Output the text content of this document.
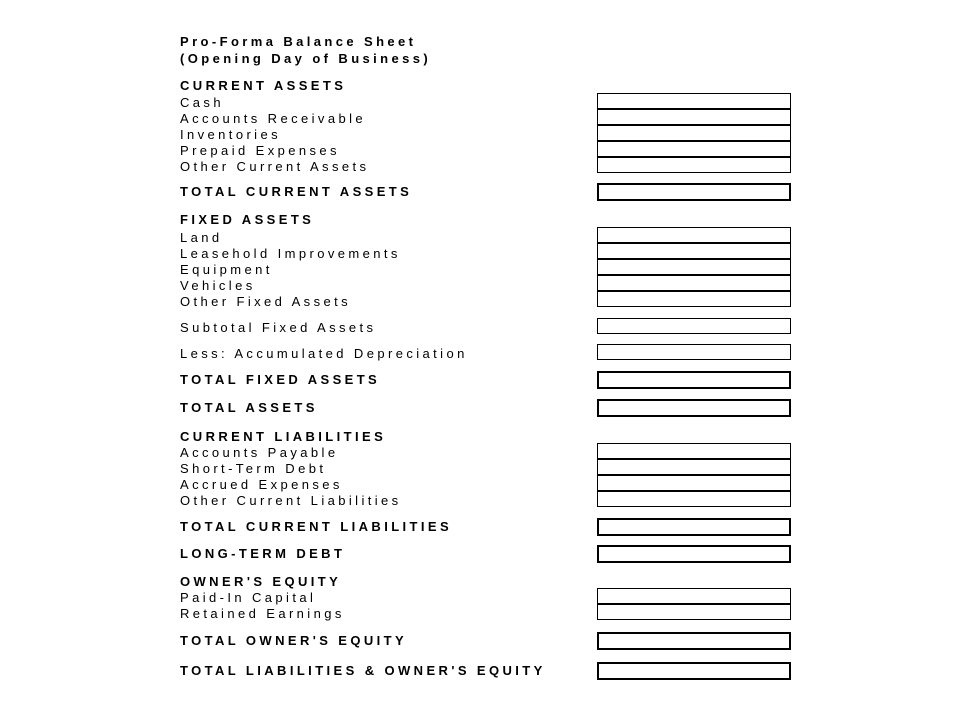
Pro-Forma Balance Sheet
(Opening Day of Business)
CURRENT ASSETS
Cash
Accounts Receivable
Inventories
Prepaid Expenses
Other Current Assets
TOTAL CURRENT ASSETS
FIXED ASSETS
Land
Leasehold Improvements
Equipment
Vehicles
Other Fixed Assets
Subtotal Fixed Assets
Less: Accumulated Depreciation
TOTAL FIXED ASSETS
TOTAL ASSETS
CURRENT LIABILITIES
Accounts Payable
Short-Term Debt
Accrued Expenses
Other Current Liabilities
TOTAL CURRENT LIABILITIES
LONG-TERM DEBT
OWNER'S EQUITY
Paid-In Capital
Retained Earnings
TOTAL OWNER'S EQUITY
TOTAL LIABILITIES & OWNER'S EQUITY
